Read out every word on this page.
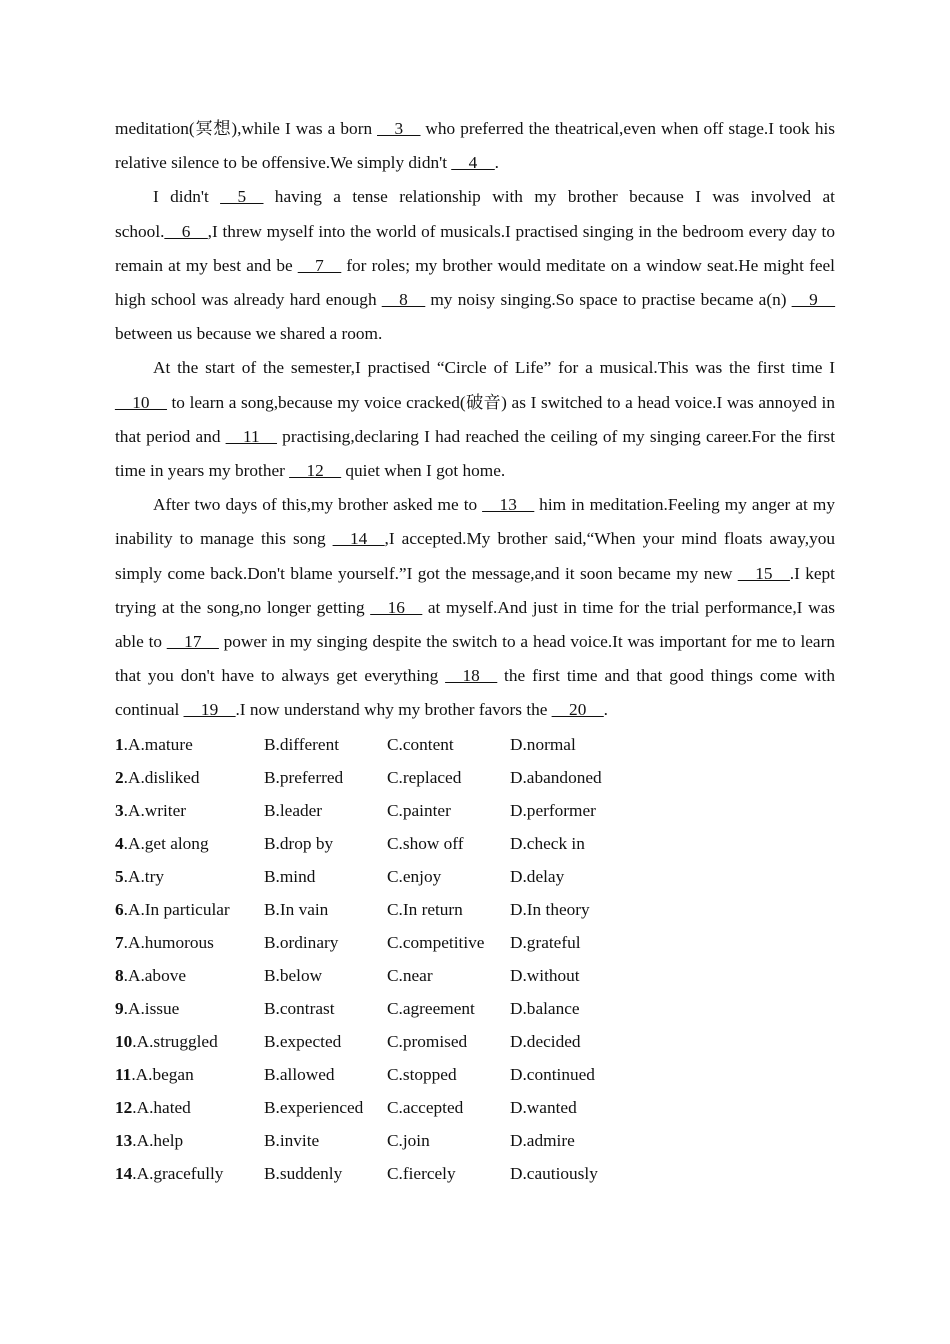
meditation(冥想),while I was a born __3__ who preferred the theatrical,even when off stage.I took his relative silence to be offensive.We simply didn't __4__.

I didn't __5__ having a tense relationship with my brother because I was involved at school.__6__,I threw myself into the world of musicals.I practised singing in the bedroom every day to remain at my best and be __7__ for roles; my brother would meditate on a window seat.He might feel high school was already hard enough __8__ my noisy singing.So space to practise became a(n) __9__ between us because we shared a room.

At the start of the semester,I practised “Circle of Life” for a musical.This was the first time I __10__ to learn a song,because my voice cracked(破音) as I switched to a head voice.I was annoyed in that period and __11__ practising,declaring I had reached the ceiling of my singing career.For the first time in years my brother __12__ quiet when I got home.

After two days of this,my brother asked me to __13__ him in meditation.Feeling my anger at my inability to manage this song __14__,I accepted.My brother said,“When your mind floats away,you simply come back.Don't blame yourself.”I got the message,and it soon became my new __15__.I kept trying at the song,no longer getting __16__ at myself.And just in time for the trial performance,I was able to __17__ power in my singing despite the switch to a head voice.It was important for me to learn that you don't have to always get everything __18__ the first time and that good things come with continual __19__.I now understand why my brother favors the __20__.

1.A.mature	B.different	C.content	D.normal
2.A.disliked	B.preferred	C.replaced	D.abandoned
3.A.writer	B.leader	C.painter	D.performer
4.A.get along	B.drop by	C.show off	D.check in
5.A.try	B.mind	C.enjoy	D.delay
6.A.In particular	B.In vain	C.In return	D.In theory
7.A.humorous	B.ordinary	C.competitive	D.grateful
8.A.above	B.below	C.near	D.without
9.A.issue	B.contrast	C.agreement	D.balance
10.A.struggled	B.expected	C.promised	D.decided
11.A.began	B.allowed	C.stopped	D.continued
12.A.hated	B.experienced	C.accepted	D.wanted
13.A.help	B.invite	C.join	D.admire
14.A.gracefully	B.suddenly	C.fiercely	D.cautiously
